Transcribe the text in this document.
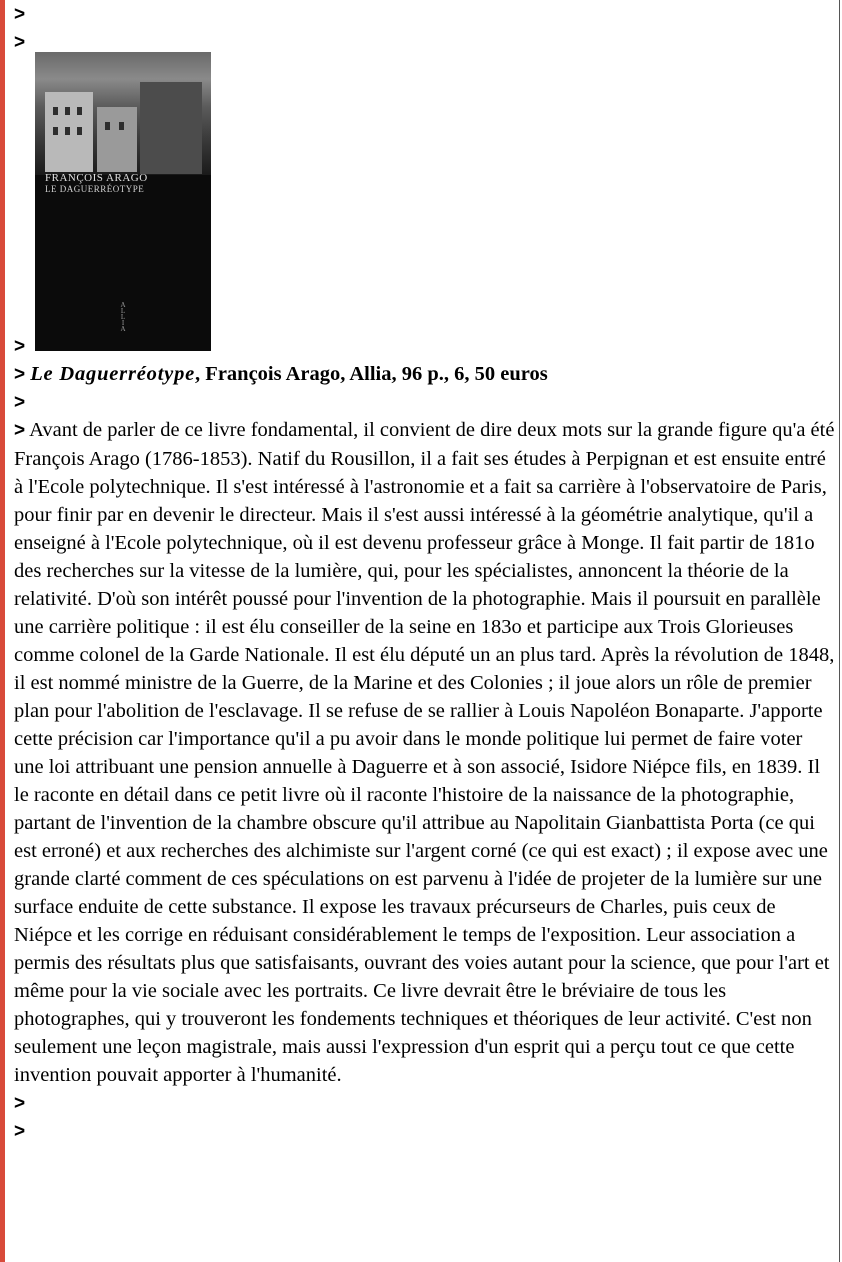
>
>
FRANÇOIS ARAGO
LE DAGUERRÉOTYPE
ALLIA
>
> Le Daguerréotype, François Arago, Allia, 96 p., 6, 50 euros
>

> Avant de parler de ce livre fondamental, il convient de dire deux mots sur la grande figure qu'a été François Arago (1786-1853). Natif du Rousillon, il a fait ses études à Perpignan et est ensuite entré à l'Ecole polytechnique. Il s'est intéressé à l'astronomie et a fait sa carrière à l'observatoire de Paris, pour finir par en devenir le directeur. Mais il s'est aussi intéressé à la géométrie analytique, qu'il a enseigné à l'Ecole polytechnique, où il est devenu professeur grâce à Monge. Il fait partir de 181o des recherches sur la vitesse de la lumière, qui, pour les spécialistes, annoncent la théorie de la relativité. D'où son intérêt poussé pour l'invention de la photographie. Mais il poursuit en parallèle une carrière politique : il est élu conseiller de la seine en 183o et participe aux Trois Glorieuses comme colonel de la Garde Nationale. Il est élu député un an plus tard. Après la révolution de 1848, il est nommé ministre de la Guerre, de la Marine et des Colonies ; il joue alors un rôle de premier plan pour l'abolition de l'esclavage. Il se refuse de se rallier à Louis Napoléon Bonaparte. J'apporte cette précision car l'importance qu'il a pu avoir dans le monde politique lui permet de faire voter une loi attribuant une pension annuelle à Daguerre et à son associé, Isidore Niépce fils, en 1839. Il le raconte en détail dans ce petit livre où il raconte l'histoire de la naissance de la photographie, partant de l'invention de la chambre obscure qu'il attribue au Napolitain Gianbattista Porta (ce qui est erroné) et aux recherches des alchimiste sur l'argent corné (ce qui est exact) ; il expose avec une grande clarté comment de ces spéculations on est parvenu à l'idée de projeter de la lumière sur une surface enduite de cette substance. Il expose les travaux précurseurs de Charles, puis ceux de Niépce et les corrige en réduisant considérablement le temps de l'exposition. Leur association a permis des résultats plus que satisfaisants, ouvrant des voies autant pour la science, que pour l'art et même pour la vie sociale avec les portraits. Ce livre devrait être le bréviaire de tous les photographes, qui y trouveront les fondements techniques et théoriques de leur activité. C'est non seulement une leçon magistrale, mais aussi l'expression d'un esprit qui a perçu tout ce que cette invention pouvait apporter à l'humanité.

>
>
